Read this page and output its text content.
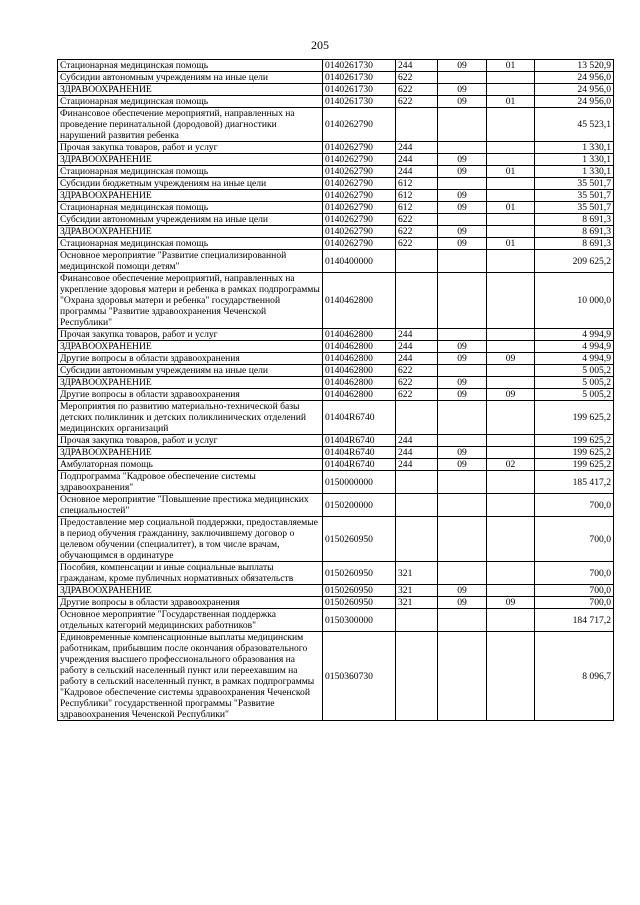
205
Стационарная медицинская помощь	0140261730	244	09	01	13 520,9
Субсидии автономным учреждениям на иные цели	0140261730	622			24 956,0
ЗДРАВООХРАНЕНИЕ	0140261730	622	09		24 956,0
Стационарная медицинская помощь	0140261730	622	09	01	24 956,0
Финансовое обеспечение мероприятий, направленных на проведение перинатальной (дородовой) диагностики нарушений развития ребенка	0140262790				45 523,1
Прочая закупка товаров, работ и услуг	0140262790	244			1 330,1
ЗДРАВООХРАНЕНИЕ	0140262790	244	09		1 330,1
Стационарная медицинская помощь	0140262790	244	09	01	1 330,1
Субсидии бюджетным учреждениям на иные цели	0140262790	612			35 501,7
ЗДРАВООХРАНЕНИЕ	0140262790	612	09		35 501,7
Стационарная медицинская помощь	0140262790	612	09	01	35 501,7
Субсидии автономным учреждениям на иные цели	0140262790	622			8 691,3
ЗДРАВООХРАНЕНИЕ	0140262790	622	09		8 691,3
Стационарная медицинская помощь	0140262790	622	09	01	8 691,3
Основное мероприятие "Развитие специализированной медицинской помощи детям"	0140400000				209 625,2
Финансовое обеспечение мероприятий, направленных на укрепление здоровья матери и ребенка в рамках подпрограммы "Охрана здоровья матери и ребенка" государственной программы "Развитие здравоохранения Чеченской Республики"	0140462800				10 000,0
Прочая закупка товаров, работ и услуг	0140462800	244			4 994,9
ЗДРАВООХРАНЕНИЕ	0140462800	244	09		4 994,9
Другие вопросы в области здравоохранения	0140462800	244	09	09	4 994,9
Субсидии автономным учреждениям на иные цели	0140462800	622			5 005,2
ЗДРАВООХРАНЕНИЕ	0140462800	622	09		5 005,2
Другие вопросы в области здравоохранения	0140462800	622	09	09	5 005,2
Мероприятия по развитию материально-технической базы детских поликлиник и детских поликлинических отделений медицинских организаций	01404R6740				199 625,2
Прочая закупка товаров, работ и услуг	01404R6740	244			199 625,2
ЗДРАВООХРАНЕНИЕ	01404R6740	244	09		199 625,2
Амбулаторная помощь	01404R6740	244	09	02	199 625,2
Подпрограмма "Кадровое обеспечение системы здравоохранения"	0150000000				185 417,2
Основное мероприятие "Повышение престижа медицинских специальностей"	0150200000				700,0
Предоставление мер социальной поддержки, предоставляемые в период обучения гражданину, заключившему договор о целевом обучении (специалитет), в том числе врачам, обучающимся в ординатуре	0150260950				700,0
Пособия, компенсации и иные социальные выплаты гражданам, кроме публичных нормативных обязательств	0150260950	321			700,0
ЗДРАВООХРАНЕНИЕ	0150260950	321	09		700,0
Другие вопросы в области здравоохранения	0150260950	321	09	09	700,0
Основное мероприятие "Государственная поддержка отдельных категорий медицинских работников"	0150300000				184 717,2
Единовременные компенсационные выплаты медицинским работникам, прибывшим после окончания образовательного учреждения высшего профессионального образования на работу в сельский населенный пункт или переехавшим на работу в сельский населенный пункт, в рамках подпрограммы "Кадровое обеспечение системы здравоохранения Чеченской Республики" государственной программы "Развитие здравоохранения Чеченской Республики"	0150360730				8 096,7
